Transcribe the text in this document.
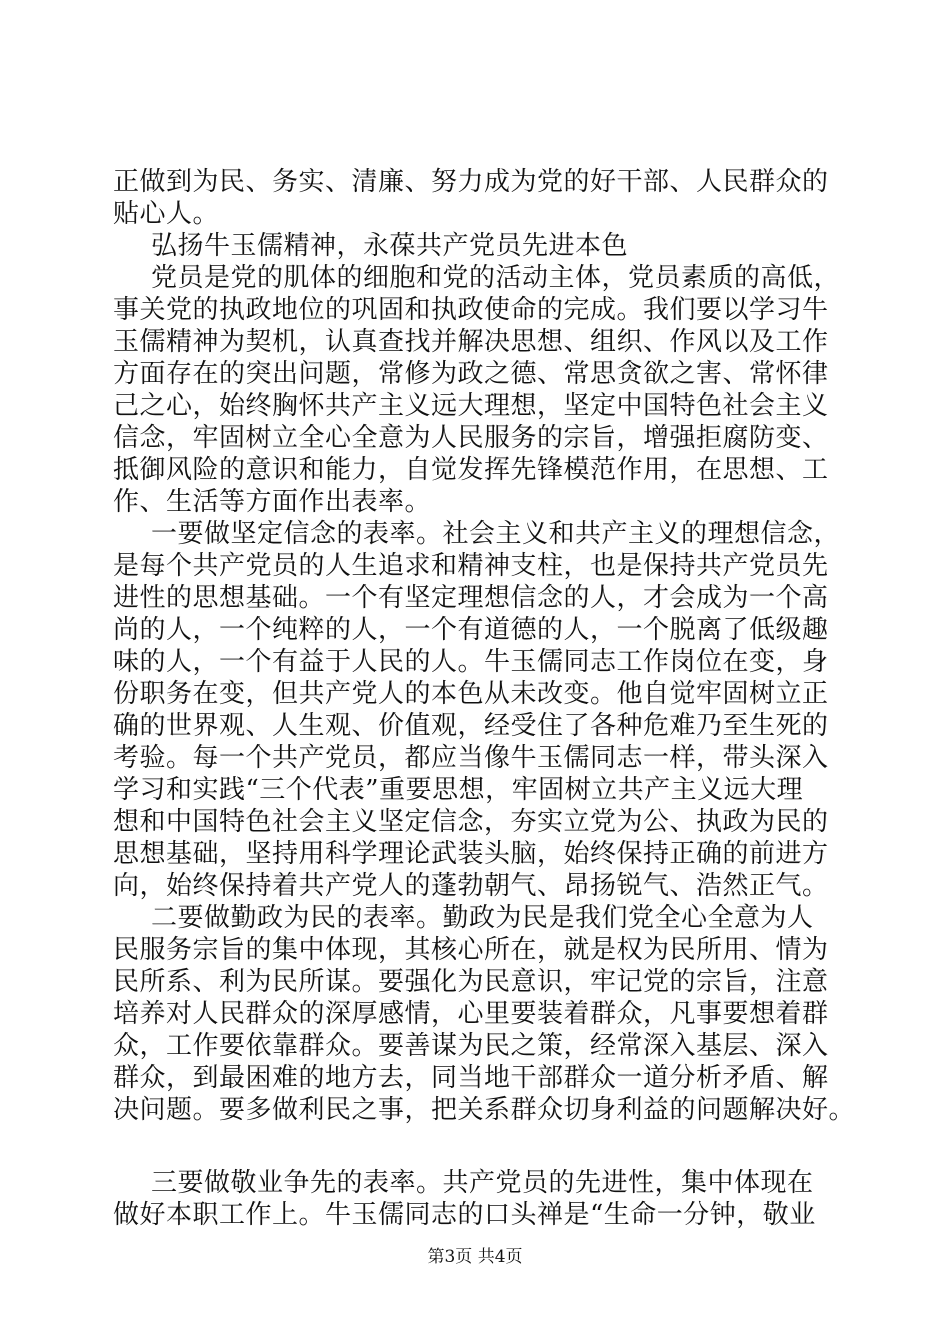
正做到为民、务实、清廉、努力成为党的好干部、人民群众的
贴心人。
弘扬牛玉儒精神，永葆共产党员先进本色
党员是党的肌体的细胞和党的活动主体，党员素质的高低，
事关党的执政地位的巩固和执政使命的完成。我们要以学习牛
玉儒精神为契机，认真查找并解决思想、组织、作风以及工作
方面存在的突出问题，常修为政之德、常思贪欲之害、常怀律
己之心，始终胸怀共产主义远大理想，坚定中国特色社会主义
信念，牢固树立全心全意为人民服务的宗旨，增强拒腐防变、
抵御风险的意识和能力，自觉发挥先锋模范作用，在思想、工
作、生活等方面作出表率。
一要做坚定信念的表率。社会主义和共产主义的理想信念，
是每个共产党员的人生追求和精神支柱，也是保持共产党员先
进性的思想基础。一个有坚定理想信念的人，才会成为一个高
尚的人，一个纯粹的人，一个有道德的人，一个脱离了低级趣
味的人，一个有益于人民的人。牛玉儒同志工作岗位在变，身
份职务在变，但共产党人的本色从未改变。他自觉牢固树立正
确的世界观、人生观、价值观，经受住了各种危难乃至生死的
考验。每一个共产党员，都应当像牛玉儒同志一样，带头深入
学习和实践“三个代表”重要思想，牢固树立共产主义远大理
想和中国特色社会主义坚定信念，夯实立党为公、执政为民的
思想基础，坚持用科学理论武装头脑，始终保持正确的前进方
向，始终保持着共产党人的蓬勃朝气、昂扬锐气、浩然正气。
二要做勤政为民的表率。勤政为民是我们党全心全意为人
民服务宗旨的集中体现，其核心所在，就是权为民所用、情为
民所系、利为民所谋。要强化为民意识，牢记党的宗旨，注意
培养对人民群众的深厚感情，心里要装着群众，凡事要想着群
众，工作要依靠群众。要善谋为民之策，经常深入基层、深入
群众，到最困难的地方去，同当地干部群众一道分析矛盾、解
决问题。要多做利民之事，把关系群众切身利益的问题解决好。
三要做敬业争先的表率。共产党员的先进性，集中体现在
做好本职工作上。牛玉儒同志的口头禅是“生命一分钟，敬业
第3页 共4页
